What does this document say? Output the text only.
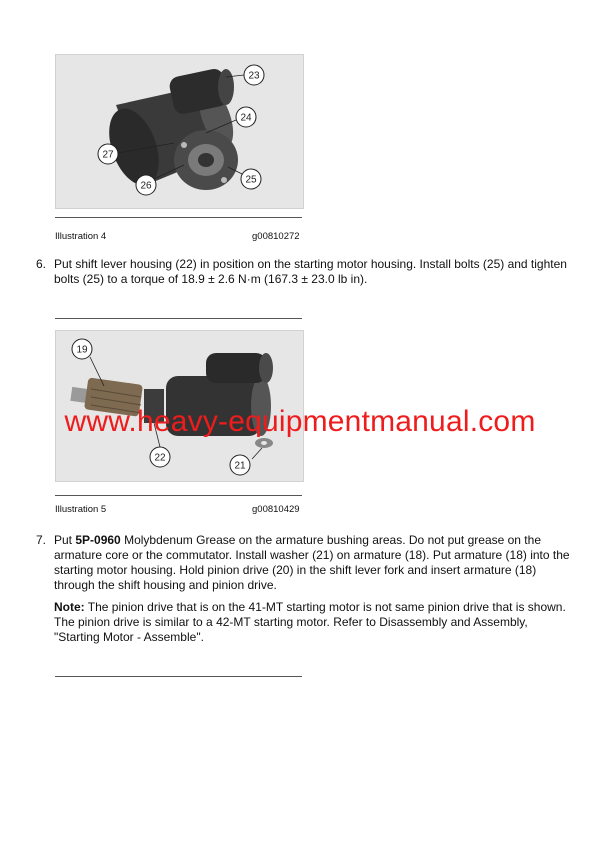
23
24
27
26
25
Illustration 4	g00810272
6. Put shift lever housing (22) in position on the starting motor housing. Install bolts (25) and tighten bolts (25) to a torque of 18.9 ± 2.6 N·m (167.3 ± 23.0 lb in).
19
22
21
Illustration 5	g00810429
www.heavy-equipmentmanual.com
7. Put 5P-0960 Molybdenum Grease on the armature bushing areas. Do not put grease on the armature core or the commutator. Install washer (21) on armature (18). Put armature (18) into the starting motor housing. Hold pinion drive (20) in the shift lever fork and insert armature (18) through the shift housing and pinion drive.
Note: The pinion drive that is on the 41-MT starting motor is not same pinion drive that is shown. The pinion drive is similar to a 42-MT starting motor. Refer to Disassembly and Assembly, "Starting Motor - Assemble".
